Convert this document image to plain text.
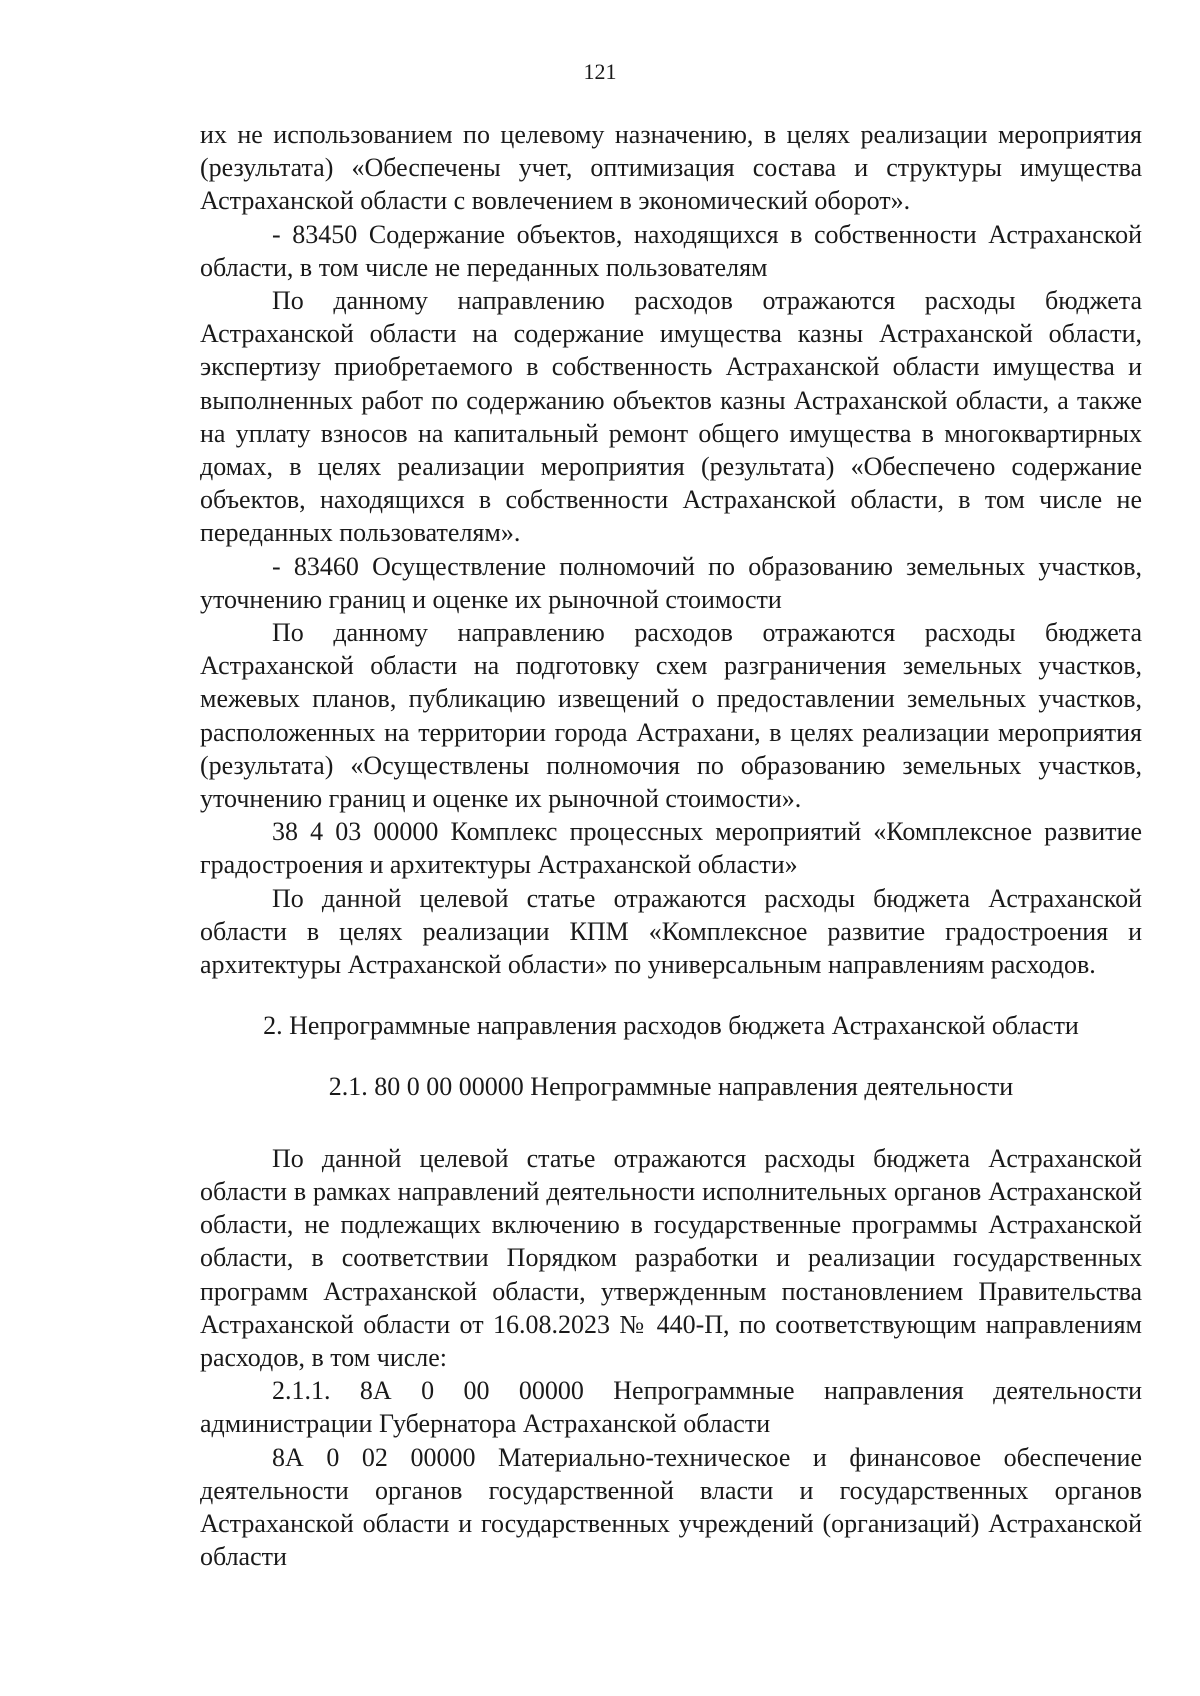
121

их не использованием по целевому назначению, в целях реализации мероприятия (результата) «Обеспечены учет, оптимизация состава и структуры имущества Астраханской области с вовлечением в экономический оборот».

- 83450 Содержание объектов, находящихся в собственности Астраханской области, в том числе не переданных пользователям

По данному направлению расходов отражаются расходы бюджета Астраханской области на содержание имущества казны Астраханской области, экспертизу приобретаемого в собственность Астраханской области имущества и выполненных работ по содержанию объектов казны Астраханской области, а также на уплату взносов на капитальный ремонт общего имущества в многоквартирных домах, в целях реализации мероприятия (результата) «Обеспечено содержание объектов, находящихся в собственности Астраханской области, в том числе не переданных пользователям».

- 83460 Осуществление полномочий по образованию земельных участков, уточнению границ и оценке их рыночной стоимости

По данному направлению расходов отражаются расходы бюджета Астраханской области на подготовку схем разграничения земельных участков, межевых планов, публикацию извещений о предоставлении земельных участков, расположенных на территории города Астрахани, в целях реализации мероприятия (результата) «Осуществлены полномочия по образованию земельных участков, уточнению границ и оценке их рыночной стоимости».

38 4 03 00000 Комплекс процессных мероприятий «Комплексное развитие градостроения и архитектуры Астраханской области»

По данной целевой статье отражаются расходы бюджета Астраханской области в целях реализации КПМ «Комплексное развитие градостроения и архитектуры Астраханской области» по универсальным направлениям расходов.

2. Непрограммные направления расходов бюджета Астраханской области

2.1. 80 0 00 00000 Непрограммные направления деятельности

По данной целевой статье отражаются расходы бюджета Астраханской области в рамках направлений деятельности исполнительных органов Астраханской области, не подлежащих включению в государственные программы Астраханской области, в соответствии Порядком разработки и реализации государственных программ Астраханской области, утвержденным постановлением Правительства Астраханской области от 16.08.2023 № 440-П, по соответствующим направлениям расходов, в том числе:

2.1.1. 8А 0 00 00000 Непрограммные направления деятельности администрации Губернатора Астраханской области

8А 0 02 00000 Материально-техническое и финансовое обеспечение деятельности органов государственной власти и государственных органов Астраханской области и государственных учреждений (организаций) Астраханской области
